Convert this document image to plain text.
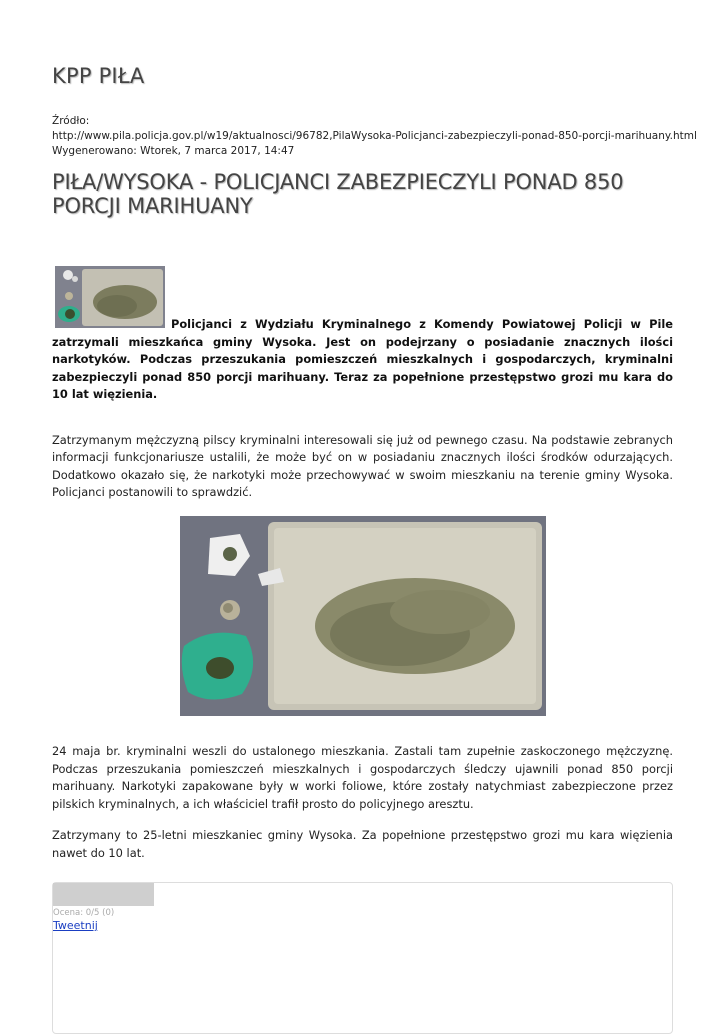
KPP PIŁA
Źródło:
http://www.pila.policja.gov.pl/w19/aktualnosci/96782,PilaWysoka-Policjanci-zabezpieczyli-ponad-850-porcji-marihuany.html
Wygenerowano: Wtorek, 7 marca 2017, 14:47
PIŁA/WYSOKA - POLICJANCI ZABEZPIECZYLI PONAD 850 PORCJI MARIHUANY

Policjanci z Wydziału Kryminalnego z Komendy Powiatowej Policji w Pile zatrzymali mieszkańca gminy Wysoka. Jest on podejrzany o posiadanie znacznych ilości narkotyków. Podczas przeszukania pomieszczeń mieszkalnych i gospodarczych, kryminalni zabezpieczyli ponad 850 porcji marihuany. Teraz za popełnione przestępstwo grozi mu kara do 10 lat więzienia.

Zatrzymanym mężczyzną pilscy kryminalni interesowali się już od pewnego czasu. Na podstawie zebranych informacji funkcjonariusze ustalili, że może być on w posiadaniu znacznych ilości środków odurzających. Dodatkowo okazało się, że narkotyki może przechowywać w swoim mieszkaniu na terenie gminy Wysoka. Policjanci postanowili to sprawdzić.

24 maja br. kryminalni weszli do ustalonego mieszkania. Zastali tam zupełnie zaskoczonego mężczyznę. Podczas przeszukania pomieszczeń mieszkalnych i gospodarczych śledczy ujawnili ponad 850 porcji marihuany. Narkotyki zapakowane były w worki foliowe, które zostały natychmiast zabezpieczone przez pilskich kryminalnych, a ich właściciel trafił prosto do policyjnego aresztu.

Zatrzymany to 25-letni mieszkaniec gminy Wysoka. Za popełnione przestępstwo grozi mu kara więzienia nawet do 10 lat.

Ocena: 0/5 (0)
Tweetnij
